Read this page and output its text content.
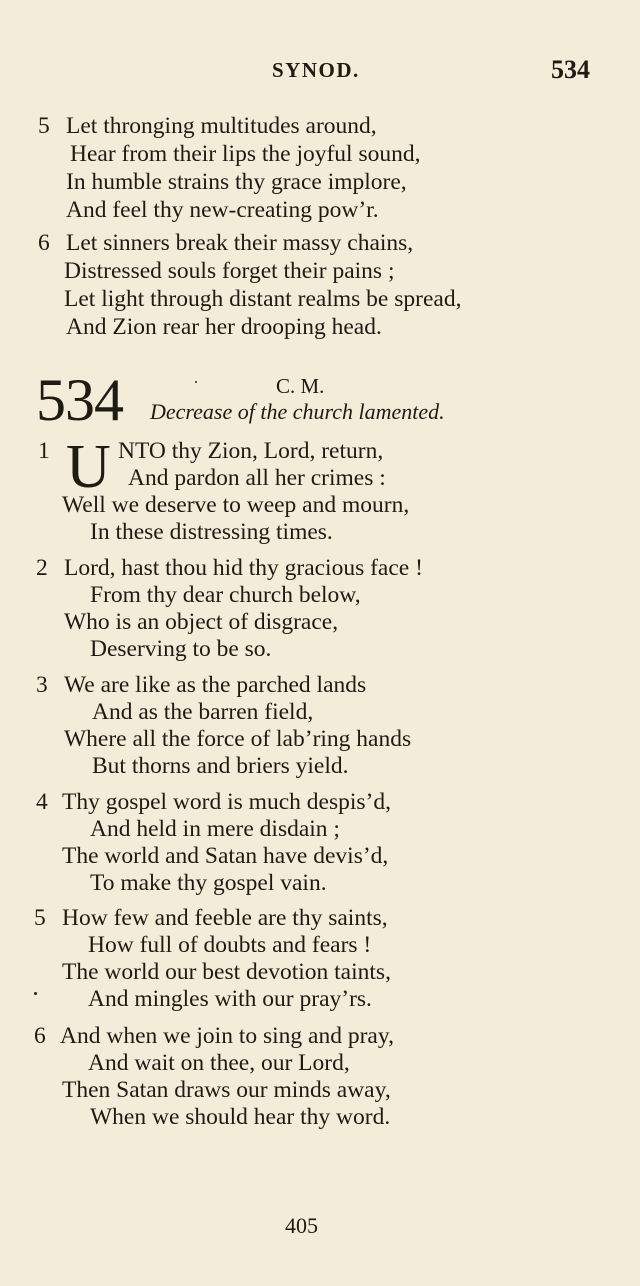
SYNOD.	534
5 Let thronging multitudes around,
Hear from their lips the joyful sound,
In humble strains thy grace implore,
And feel thy new-creating pow’r.
6 Let sinners break their massy chains,
Distressed souls forget their pains ;
Let light through distant realms be spread,
And Zion rear her drooping head.
534	C. M.
Decrease of the church lamented.
1 U NTO thy Zion, Lord, return,
And pardon all her crimes :
Well we deserve to weep and mourn,
In these distressing times.
2 Lord, hast thou hid thy gracious face !
From thy dear church below,
Who is an object of disgrace,
Deserving to be so.
3 We are like as the parched lands
And as the barren field,
Where all the force of lab’ring hands
But thorns and briers yield.
4 Thy gospel word is much despis’d,
And held in mere disdain ;
The world and Satan have devis’d,
To make thy gospel vain.
5 How few and feeble are thy saints,
How full of doubts and fears !
The world our best devotion taints,
And mingles with our pray’rs.
6 And when we join to sing and pray,
And wait on thee, our Lord,
Then Satan draws our minds away,
When we should hear thy word.
405
